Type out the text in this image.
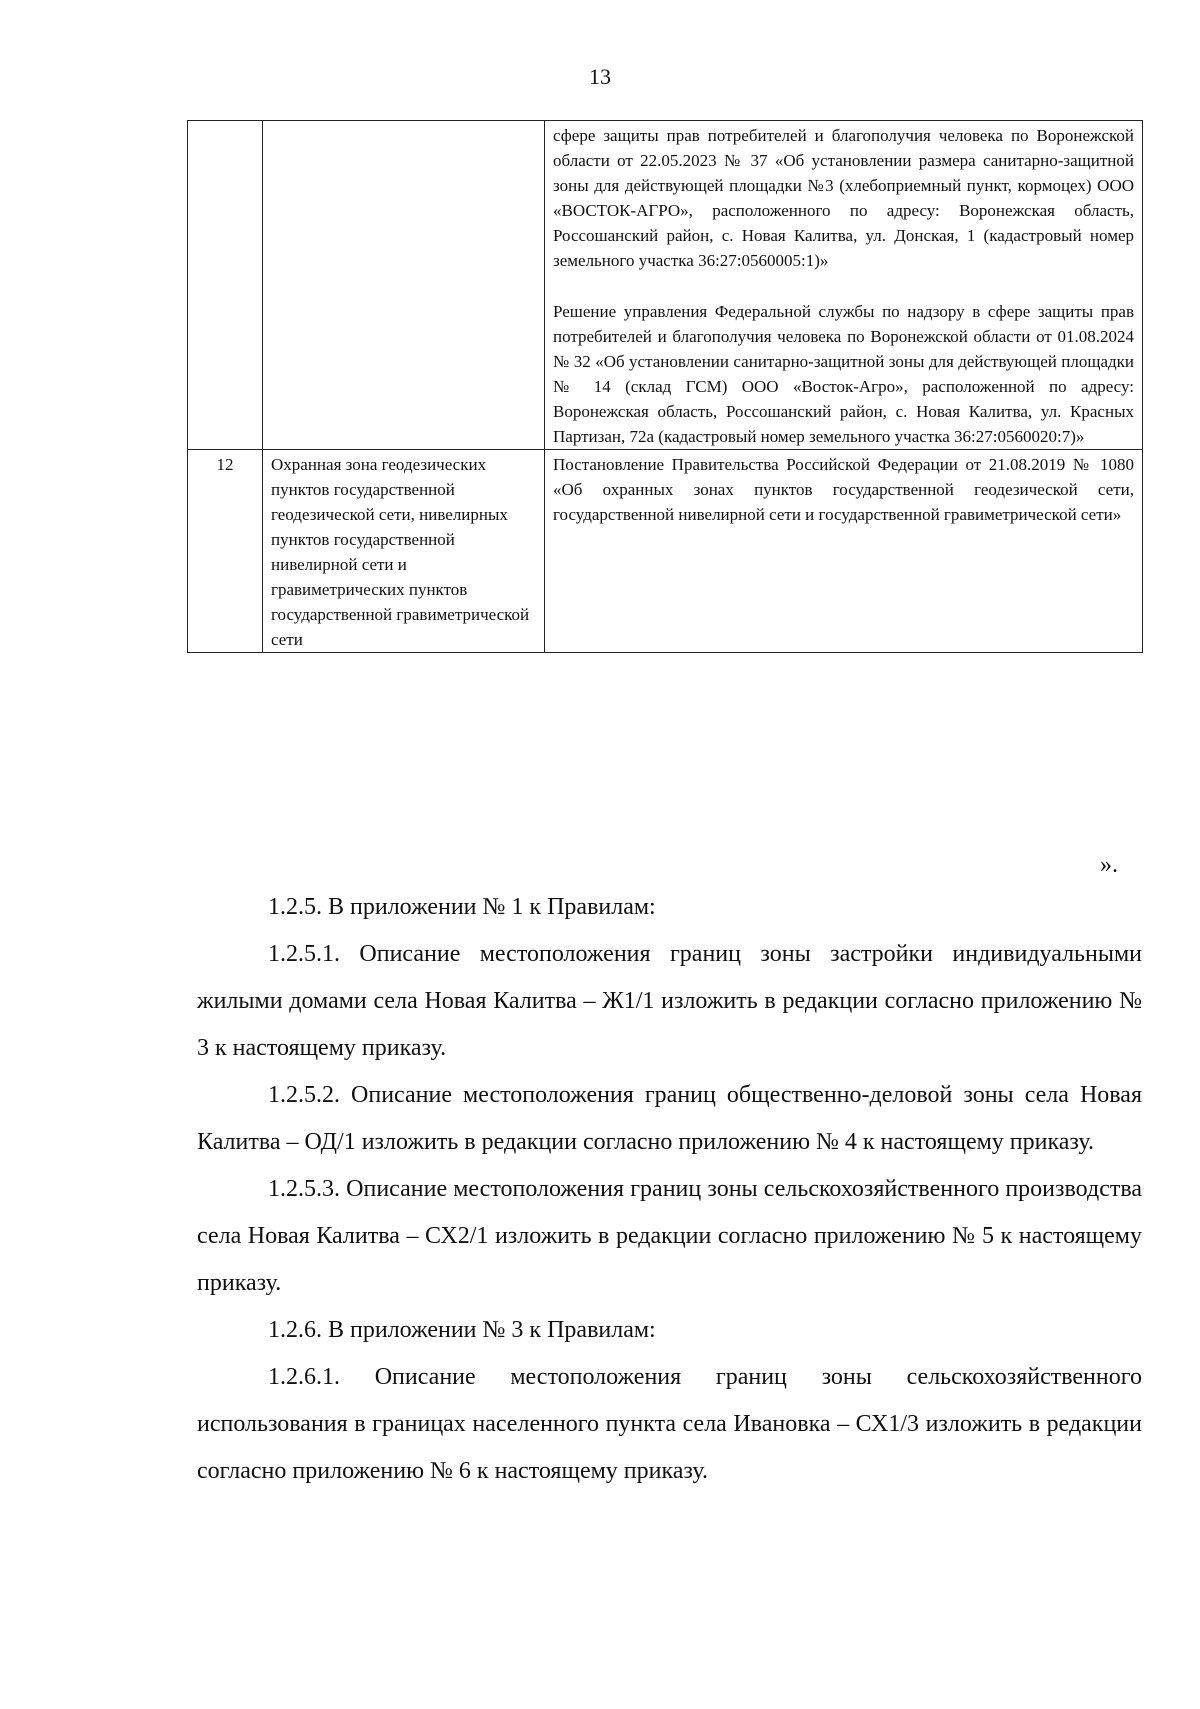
13

		сфере защиты прав потребителей и благополучия человека по Воронежской области от 22.05.2023 № 37 «Об установлении размера санитарно-защитной зоны для действующей площадки №3 (хлебоприемный пункт, кормоцех) ООО «ВОСТОК-АГРО», расположенного по адресу: Воронежская область, Россошанский район, с. Новая Калитва, ул. Донская, 1 (кадастровый номер земельного участка 36:27:0560005:1)»

Решение управления Федеральной службы по надзору в сфере защиты прав потребителей и благополучия человека по Воронежской области от 01.08.2024 № 32 «Об установлении санитарно-защитной зоны для действующей площадки № 14 (склад ГСМ) ООО «Восток-Агро», расположенной по адресу: Воронежская область, Россошанский район, с. Новая Калитва, ул. Красных Партизан, 72а (кадастровый номер земельного участка 36:27:0560020:7)»

12	Охранная зона геодезических пунктов государственной геодезической сети, нивелирных пунктов государственной нивелирной сети и гравиметрических пунктов государственной гравиметрической сети	Постановление Правительства Российской Федерации от 21.08.2019 № 1080 «Об охранных зонах пунктов государственной геодезической сети, государственной нивелирной сети и государственной гравиметрической сети»

».

1.2.5. В приложении № 1 к Правилам:

1.2.5.1. Описание местоположения границ зоны застройки индивидуальными жилыми домами села Новая Калитва – Ж1/1 изложить в редакции согласно приложению № 3 к настоящему приказу.

1.2.5.2. Описание местоположения границ общественно-деловой зоны села Новая Калитва – ОД/1 изложить в редакции согласно приложению № 4 к настоящему приказу.

1.2.5.3. Описание местоположения границ зоны сельскохозяйственного производства села Новая Калитва – СХ2/1 изложить в редакции согласно приложению № 5 к настоящему приказу.

1.2.6. В приложении № 3 к Правилам:

1.2.6.1. Описание местоположения границ зоны сельскохозяйственного использования в границах населенного пункта села Ивановка – СХ1/3 изложить в редакции согласно приложению № 6 к настоящему приказу.
